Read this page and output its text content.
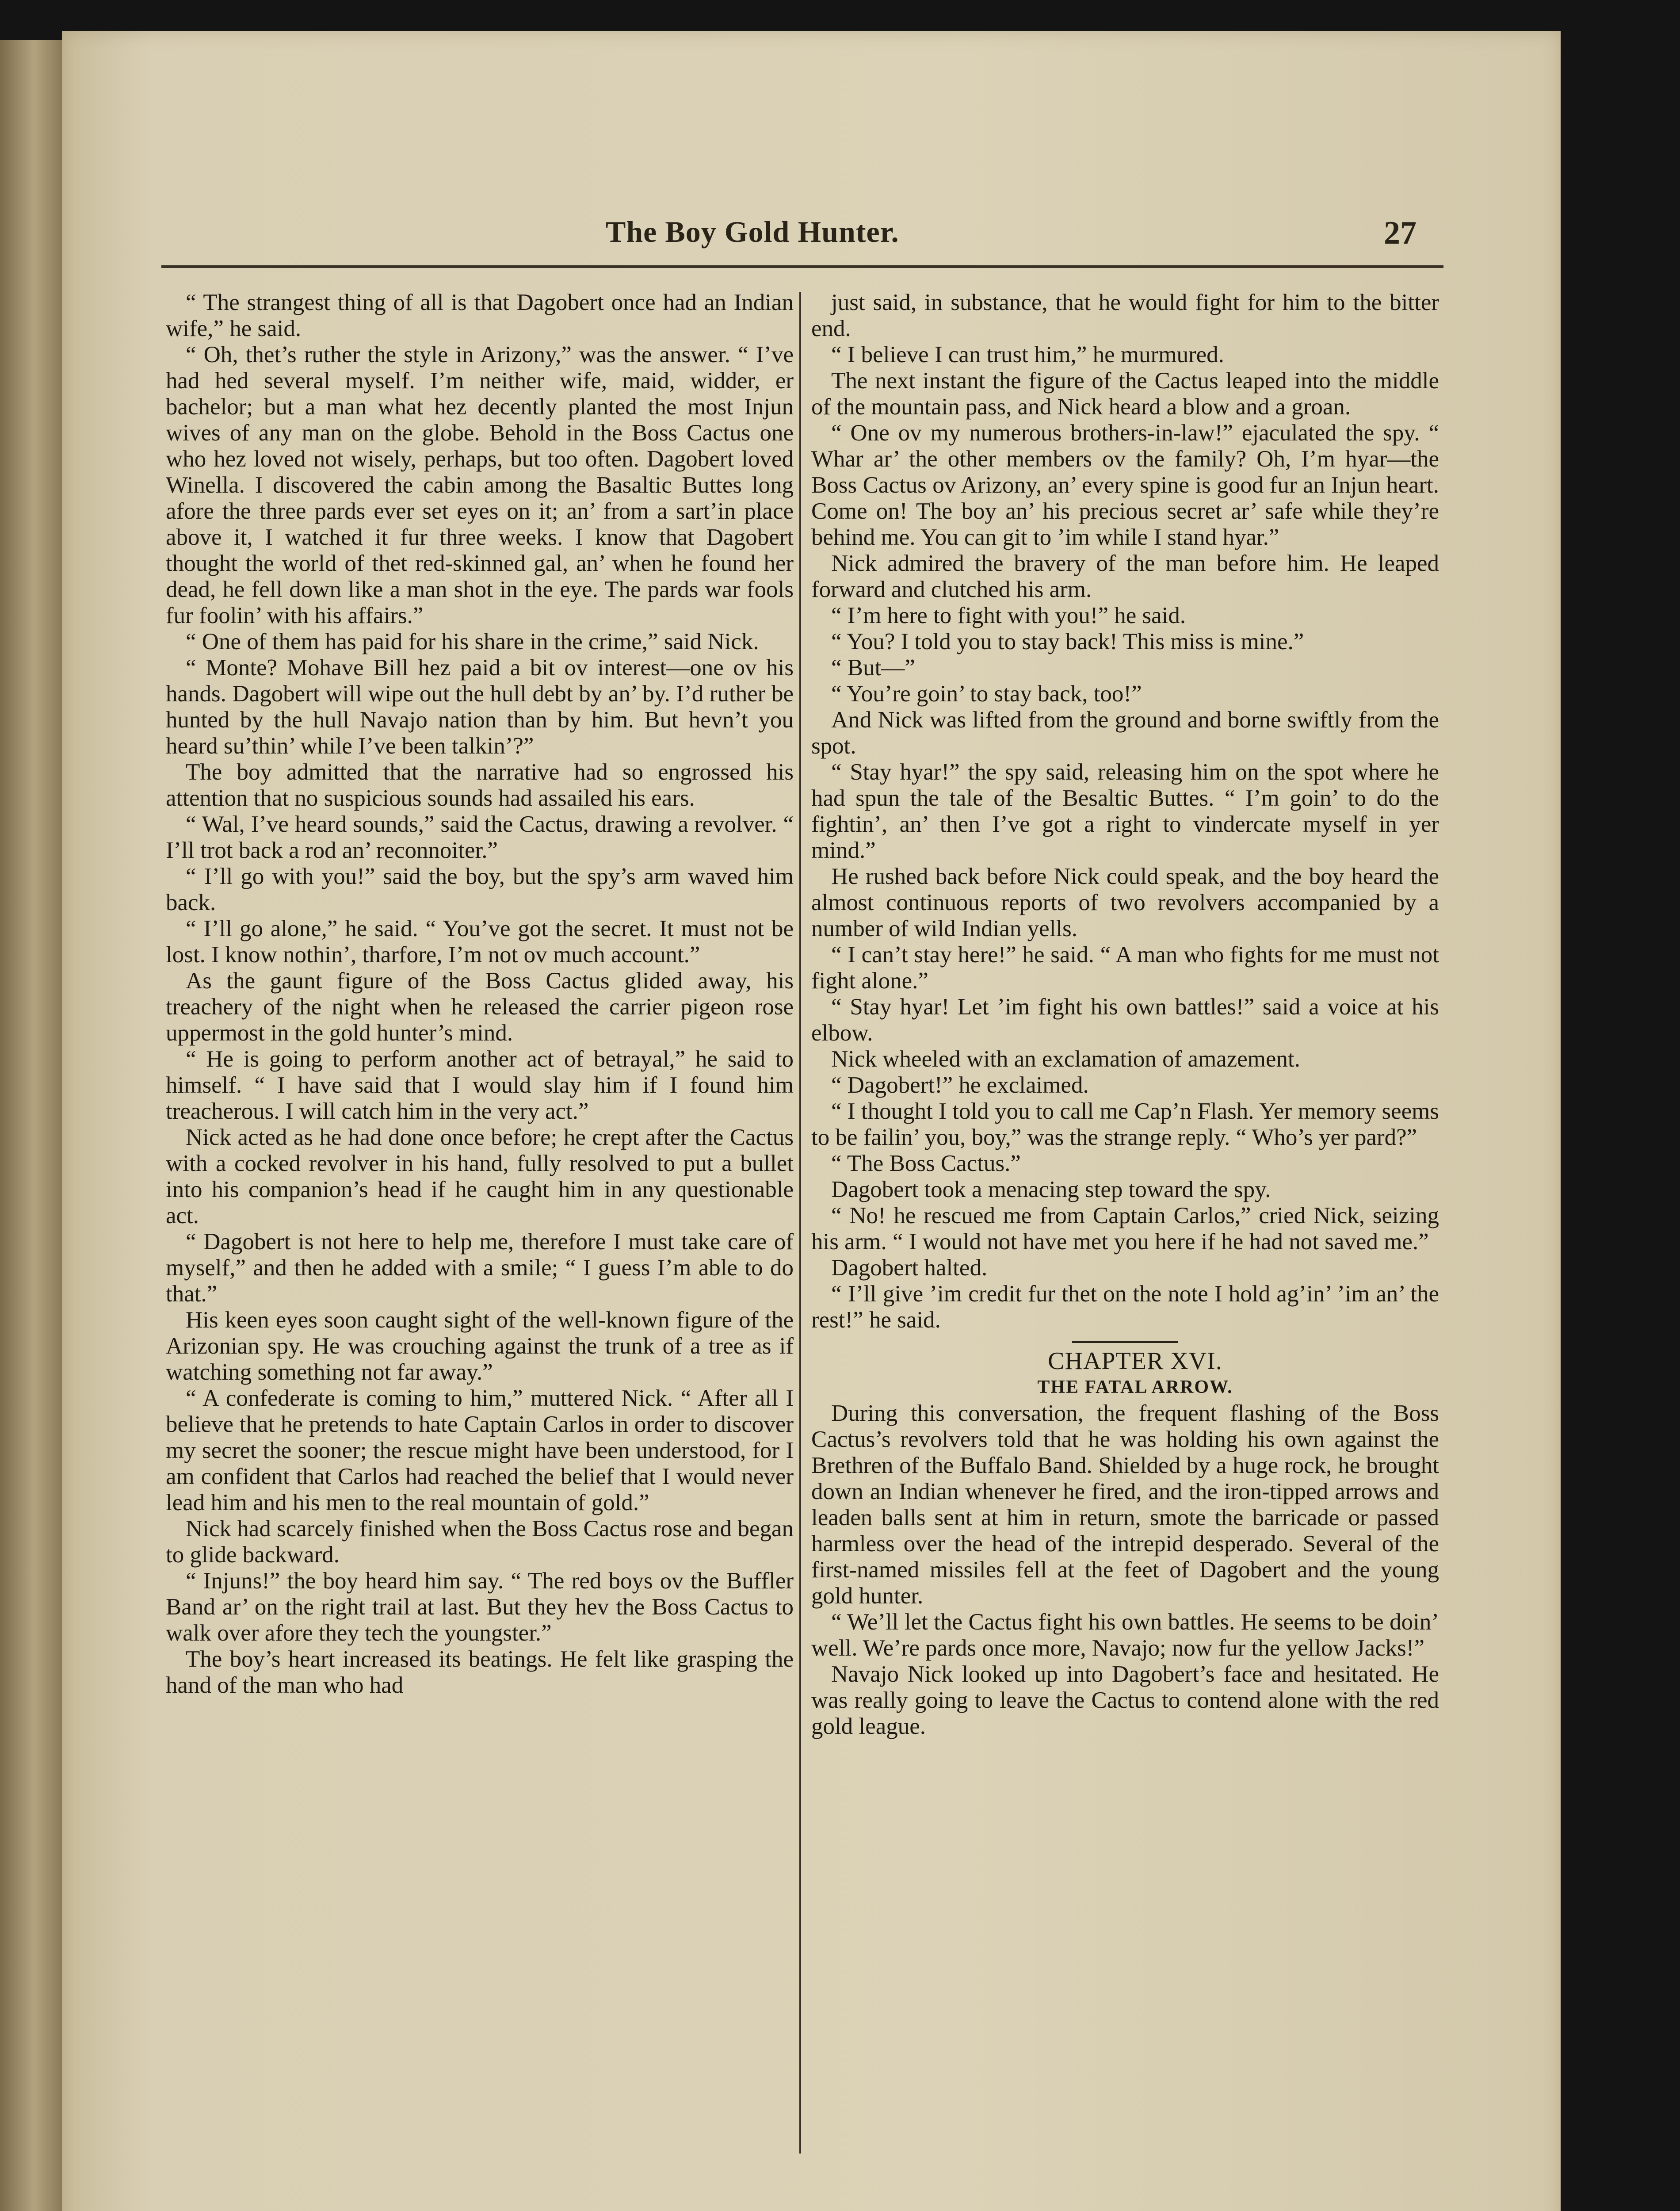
The Boy Gold Hunter.	27

“ The strangest thing of all is that Dagobert once had an Indian wife,” he said.

“ Oh, thet’s ruther the style in Arizony,” was the answer. “ I’ve had hed several myself. I’m neither wife, maid, widder, er bachelor; but a man what hez decently planted the most Injun wives of any man on the globe. Behold in the Boss Cactus one who hez loved not wisely, perhaps, but too often. Dagobert loved Winella. I discovered the cabin among the Basaltic Buttes long afore the three pards ever set eyes on it; an’ from a sart’in place above it, I watched it fur three weeks. I know that Dagobert thought the world of thet red-skinned gal, an’ when he found her dead, he fell down like a man shot in the eye. The pards war fools fur foolin’ with his affairs.”

“ One of them has paid for his share in the crime,” said Nick.

“ Monte? Mohave Bill hez paid a bit ov interest—one ov his hands. Dagobert will wipe out the hull debt by an’ by. I’d ruther be hunted by the hull Navajo nation than by him. But hevn’t you heard su’thin’ while I’ve been talkin’?”

The boy admitted that the narrative had so engrossed his attention that no suspicious sounds had assailed his ears.

“ Wal, I’ve heard sounds,” said the Cactus, drawing a revolver. “ I’ll trot back a rod an’ reconnoiter.”

“ I’ll go with you!” said the boy, but the spy’s arm waved him back.

“ I’ll go alone,” he said. “ You’ve got the secret. It must not be lost. I know nothin’, tharfore, I’m not ov much account.”

As the gaunt figure of the Boss Cactus glided away, his treachery of the night when he released the carrier pigeon rose uppermost in the gold hunter’s mind.

“ He is going to perform another act of betrayal,” he said to himself. “ I have said that I would slay him if I found him treacherous. I will catch him in the very act.”

Nick acted as he had done once before; he crept after the Cactus with a cocked revolver in his hand, fully resolved to put a bullet into his companion’s head if he caught him in any questionable act.

“ Dagobert is not here to help me, therefore I must take care of myself,” and then he added with a smile; “ I guess I’m able to do that.”

His keen eyes soon caught sight of the well-known figure of the Arizonian spy. He was crouching against the trunk of a tree as if watching something not far away.”

“ A confederate is coming to him,” muttered Nick. “ After all I believe that he pretends to hate Captain Carlos in order to discover my secret the sooner; the rescue might have been understood, for I am confident that Carlos had reached the belief that I would never lead him and his men to the real mountain of gold.”

Nick had scarcely finished when the Boss Cactus rose and began to glide backward.

“ Injuns!” the boy heard him say. “ The red boys ov the Buffler Band ar’ on the right trail at last. But they hev the Boss Cactus to walk over afore they tech the youngster.”

The boy’s heart increased its beatings. He felt like grasping the hand of the man who had

just said, in substance, that he would fight for him to the bitter end.

“ I believe I can trust him,” he murmured.

The next instant the figure of the Cactus leaped into the middle of the mountain pass, and Nick heard a blow and a groan.

“ One ov my numerous brothers-in-law!” ejaculated the spy. “ Whar ar’ the other members ov the family? Oh, I’m hyar—the Boss Cactus ov Arizony, an’ every spine is good fur an Injun heart. Come on! The boy an’ his precious secret ar’ safe while they’re behind me. You can git to ’im while I stand hyar.”

Nick admired the bravery of the man before him. He leaped forward and clutched his arm.

“ I’m here to fight with you!” he said.

“ You? I told you to stay back! This miss is mine.”

“ But—”

“ You’re goin’ to stay back, too!”

And Nick was lifted from the ground and borne swiftly from the spot.

“ Stay hyar!” the spy said, releasing him on the spot where he had spun the tale of the Besaltic Buttes. “ I’m goin’ to do the fightin’, an’ then I’ve got a right to vindercate myself in yer mind.”

He rushed back before Nick could speak, and the boy heard the almost continuous reports of two revolvers accompanied by a number of wild Indian yells.

“ I can’t stay here!” he said. “ A man who fights for me must not fight alone.”

“ Stay hyar! Let ’im fight his own battles!” said a voice at his elbow.

Nick wheeled with an exclamation of amazement.

“ Dagobert!” he exclaimed.

“ I thought I told you to call me Cap’n Flash. Yer memory seems to be failin’ you, boy,” was the strange reply. “ Who’s yer pard?”

“ The Boss Cactus.”

Dagobert took a menacing step toward the spy.

“ No! he rescued me from Captain Carlos,” cried Nick, seizing his arm. “ I would not have met you here if he had not saved me.”

Dagobert halted.

“ I’ll give ’im credit fur thet on the note I hold ag’in’ ’im an’ the rest!” he said.

CHAPTER XVI.

THE FATAL ARROW.

During this conversation, the frequent flashing of the Boss Cactus’s revolvers told that he was holding his own against the Brethren of the Buffalo Band. Shielded by a huge rock, he brought down an Indian whenever he fired, and the iron-tipped arrows and leaden balls sent at him in return, smote the barricade or passed harmless over the head of the intrepid desperado. Several of the first-named missiles fell at the feet of Dagobert and the young gold hunter.

“ We’ll let the Cactus fight his own battles. He seems to be doin’ well. We’re pards once more, Navajo; now fur the yellow Jacks!”

Navajo Nick looked up into Dagobert’s face and hesitated. He was really going to leave the Cactus to contend alone with the red gold league.
